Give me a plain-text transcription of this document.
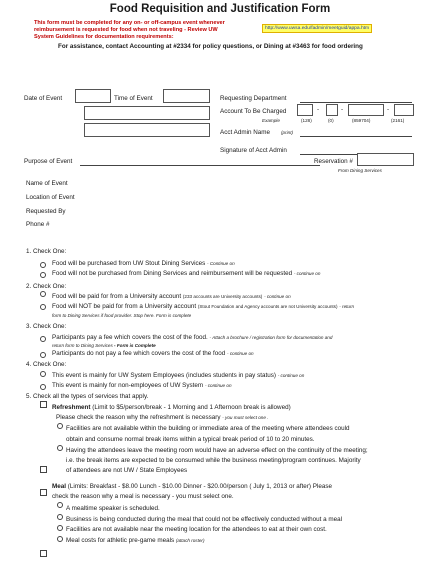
Food Requisition and Justification Form
This form must be completed for any on- or off-campus event whenever
reimbursement is requested for food when not traveling - Review UW
System Guidelines for documentation requirements:
http://www.uwsa.edu/fadmin/meetguid/appa.htm
For assistance, contact Accounting at #2334 for policy questions, or Dining at #3463 for food ordering
Date of Event	Time of Event	Requesting Department
Account To Be Charged	-	-	-
Example	(128)	(0)	(859704)	(2161)
Acct Admin Name (print)
Signature of Acct Admin
Purpose of Event	Reservation #
From Dining Services
Name of Event
Location of Event
Requested By
Phone #
1. Check One:
Food will be purchased from UW Stout Dining Services - Continue on
Food will not be purchased from Dining Services and reimbursement will be requested - continue on
2. Check One:
Food will be paid for from a University account (233 accounts are University accounts) - continue on
Food will NOT be paid for from a University account (Stout Foundation and Agency accounts are not University accounts) - return
form to Dining Services if food provider. Stop here. Form is complete
3. Check One:
Participants pay a fee which covers the cost of the food. - Attach a brochure / registration form for documentation and
return form to Dining Services - Form is Complete
Participants do not pay a fee which covers the cost of the food - continue on
4. Check One:
This event is mainly for UW System Employees (includes students in pay status) - continue on
This event is mainly for non-employees of UW System - continue on
5. Check all the types of services that apply.
Refreshment (Limit to $5/person/break - 1 Morning and 1 Afternoon break is allowed)
Please check the reason why the refreshment is necessary - you must select one .
Facilities are not available within the building or immediate area of the meeting where attendees could
obtain and consume normal break items within a typical break period of 10 to 20 minutes.
Having the attendees leave the meeting room would have an adverse effect on the continuity of the meeting;
i.e. the break items are expected to be consumed while the business meeting/program continues. Majority
of attendees are not UW / State Employees
Meal (Limits: Breakfast - $8.00 Lunch - $10.00 Dinner - $20.00/person ( July 1, 2013 or after) Please
check the reason why a meal is necessary - you must select one.
A mealtime speaker is scheduled.
Business is being conducted during the meal that could not be effectively conducted without a meal
Facilities are not available near the meeting location for the attendees to eat at their own cost.
Meal costs for athletic pre-game meals (attach roster)
